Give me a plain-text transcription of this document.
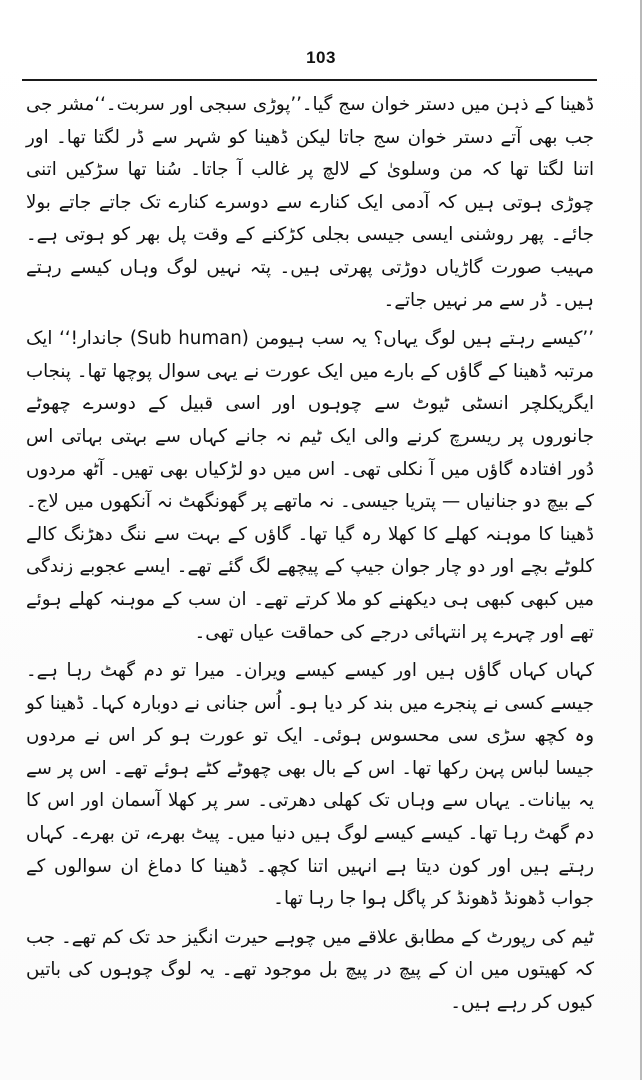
103

ڈھینا کے ذہن میں دستر خوان سج گیا۔’’پوڑی سبجی اور سربت۔‘‘مشر جی جب بھی آتے دستر خوان سج جاتا لیکن ڈھینا کو شہر سے ڈر لگتا تھا۔ اور اتنا لگتا تھا کہ من وسلویٰ کے لالچ پر غالب آ جاتا۔ سُنا تھا سڑکیں اتنی چوڑی ہوتی ہیں کہ آدمی ایک کنارے سے دوسرے کنارے تک جاتے جاتے بولا جائے۔ پھر روشنی ایسی جیسی بجلی کڑکنے کے وقت پل بھر کو ہوتی ہے۔ مہیب صورت گاڑیاں دوڑتی پھرتی ہیں۔ پتہ نہیں لوگ وہاں کیسے رہتے ہیں۔ ڈر سے مر نہیں جاتے۔

’’کیسے رہتے ہیں لوگ یہاں؟ یہ سب ہیومن (Sub human) جاندار!‘‘ ایک مرتبہ ڈھینا کے گاؤں کے بارے میں ایک عورت نے یہی سوال پوچھا تھا۔ پنجاب ایگریکلچر انسٹی ٹیوٹ سے چوہوں اور اسی قبیل کے دوسرے چھوٹے جانوروں پر ریسرچ کرنے والی ایک ٹیم نہ جانے کہاں سے بہتی بہاتی اس دُور افتادہ گاؤں میں آ نکلی تھی۔ اس میں دو لڑکیاں بھی تھیں۔ آٹھ مردوں کے بیچ دو جنانیاں — پتریا جیسی۔ نہ ماتھے پر گھونگھٹ نہ آنکھوں میں لاج۔ ڈھینا کا موہنہ کھلے کا کھلا رہ گیا تھا۔ گاؤں کے بہت سے ننگ دھڑنگ کالے کلوٹے بچے اور دو چار جوان جیپ کے پیچھے لگ گئے تھے۔ ایسے عجوبے زندگی میں کبھی کبھی ہی دیکھنے کو ملا کرتے تھے۔ ان سب کے موہنہ کھلے ہوئے تھے اور چہرے پر انتہائی درجے کی حماقت عیاں تھی۔

کہاں کہاں گاؤں ہیں اور کیسے کیسے ویران۔ میرا تو دم گھٹ رہا ہے۔ جیسے کسی نے پنجرے میں بند کر دیا ہو۔ اُس جنانی نے دوبارہ کہا۔ ڈھینا کو وہ کچھ سڑی سی محسوس ہوئی۔ ایک تو عورت ہو کر اس نے مردوں جیسا لباس پہن رکھا تھا۔ اس کے بال بھی چھوٹے کٹے ہوئے تھے۔ اس پر سے یہ بیانات۔ یہاں سے وہاں تک کھلی دھرتی۔ سر پر کھلا آسمان اور اس کا دم گھٹ رہا تھا۔ کیسے کیسے لوگ ہیں دنیا میں۔ پیٹ بھرے، تن بھرے۔ کہاں رہتے ہیں اور کون دیتا ہے انہیں اتنا کچھ۔ ڈھینا کا دماغ ان سوالوں کے جواب ڈھونڈ ڈھونڈ کر پاگل ہوا جا رہا تھا۔

ٹیم کی رپورٹ کے مطابق علاقے میں چوہے حیرت انگیز حد تک کم تھے۔ جب کہ کھیتوں میں ان کے پیچ در پیچ بل موجود تھے۔ یہ لوگ چوہوں کی باتیں کیوں کر رہے ہیں۔
